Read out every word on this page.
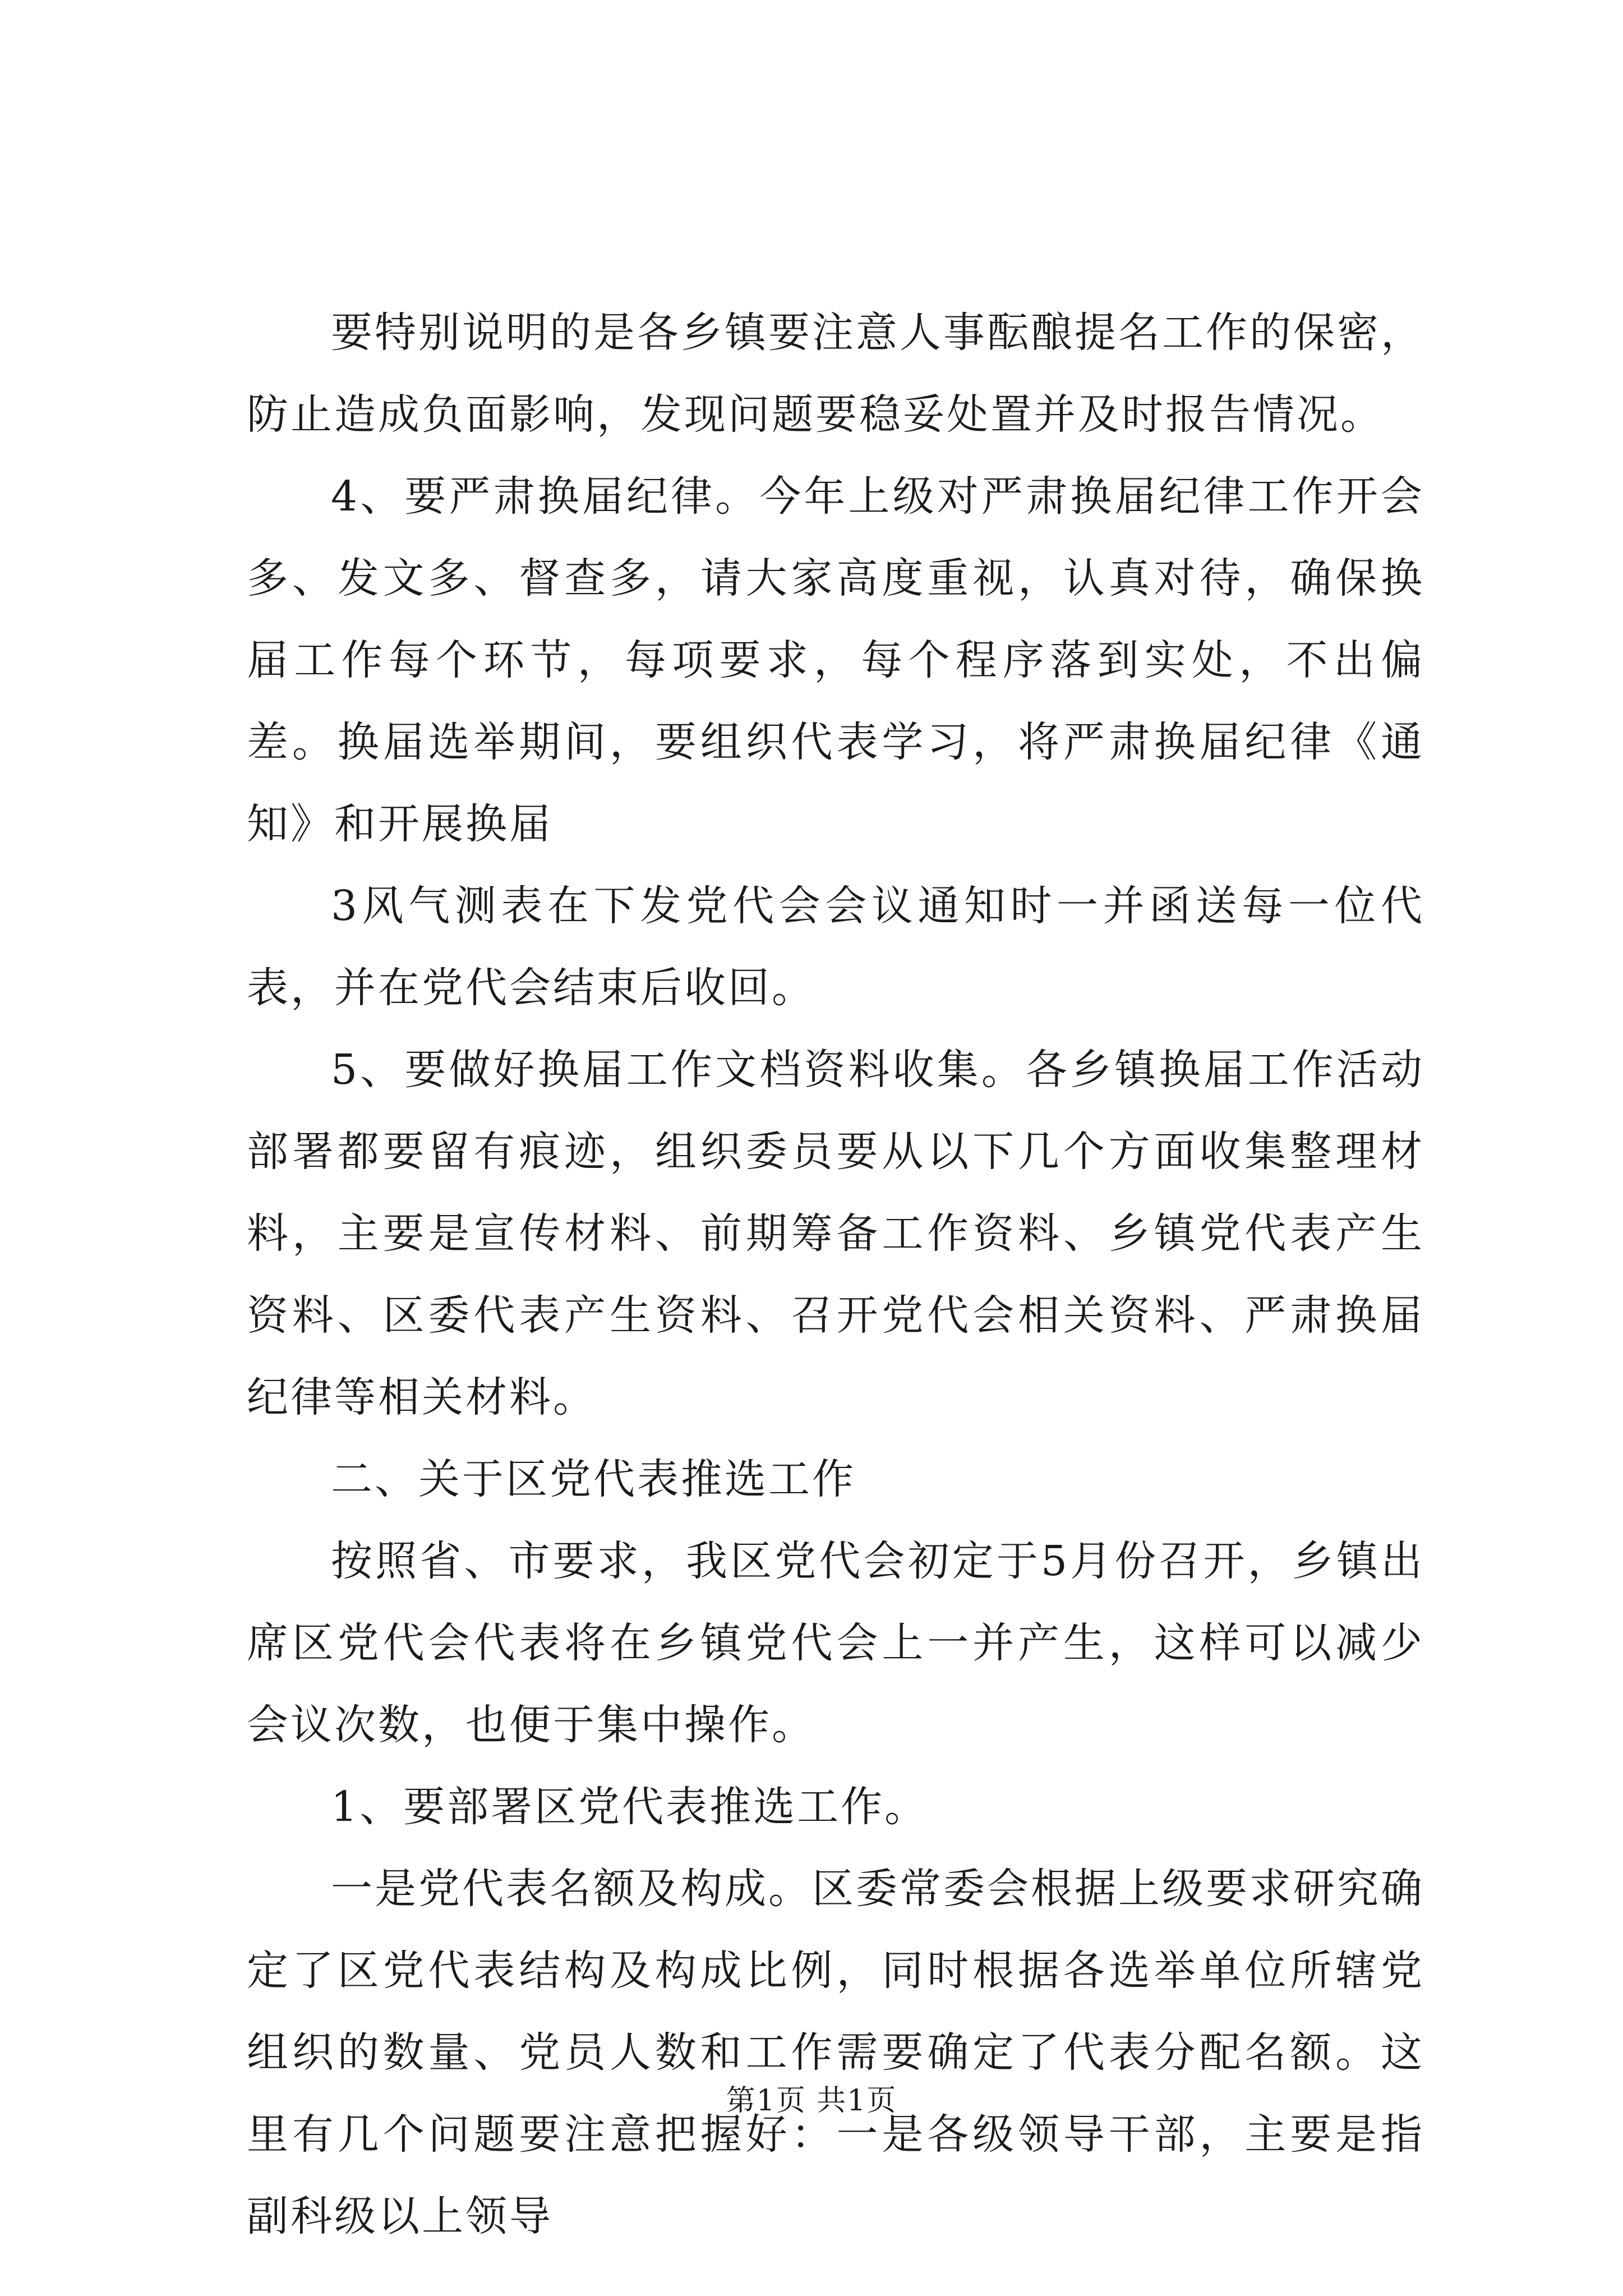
要特别说明的是各乡镇要注意人事酝酿提名工作的保密，防止造成负面影响，发现问题要稳妥处置并及时报告情况。

4、要严肃换届纪律。今年上级对严肃换届纪律工作开会多、发文多、督查多，请大家高度重视，认真对待，确保换届工作每个环节，每项要求，每个程序落到实处，不出偏差。换届选举期间，要组织代表学习，将严肃换届纪律《通知》和开展换届

3风气测表在下发党代会会议通知时一并函送每一位代表，并在党代会结束后收回。

5、要做好换届工作文档资料收集。各乡镇换届工作活动部署都要留有痕迹，组织委员要从以下几个方面收集整理材料，主要是宣传材料、前期筹备工作资料、乡镇党代表产生资料、区委代表产生资料、召开党代会相关资料、严肃换届纪律等相关材料。

二、关于区党代表推选工作

按照省、市要求，我区党代会初定于5月份召开，乡镇出席区党代会代表将在乡镇党代会上一并产生，这样可以减少会议次数，也便于集中操作。

1、要部署区党代表推选工作。

一是党代表名额及构成。区委常委会根据上级要求研究确定了区党代表结构及构成比例，同时根据各选举单位所辖党组织的数量、党员人数和工作需要确定了代表分配名额。这里有几个问题要注意把握好：一是各级领导干部，主要是指副科级以上领导

第1页 共1页
